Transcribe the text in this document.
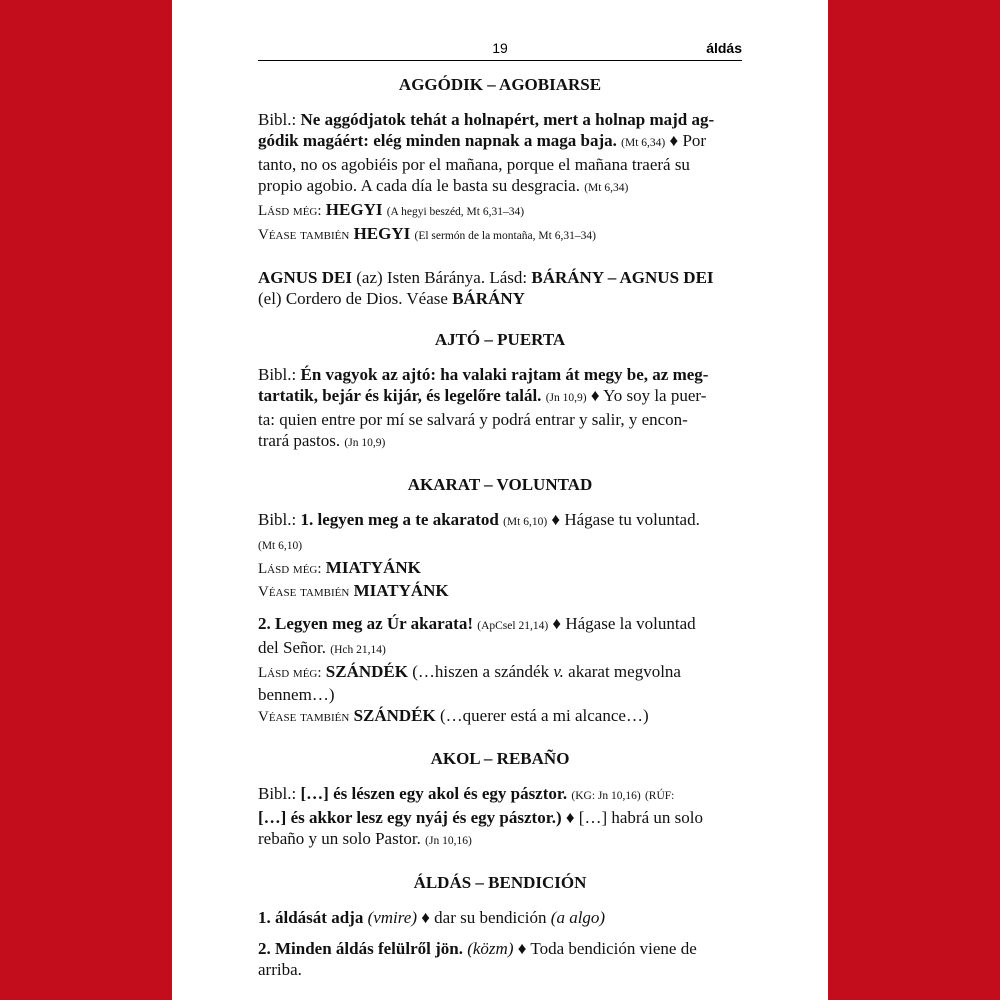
19	áldás

AGGÓDIK – AGOBIARSE

Bibl.: Ne aggódjatok tehát a holnapért, mert a holnap majd ag-
gódik magáért: elég minden napnak a maga baja. (Mt 6,34) ♦ Por
tanto, no os agobiéis por el mañana, porque el mañana traerá su
propio agobio. A cada día le basta su desgracia. (Mt 6,34)
Lásd még: HEGYI (A hegyi beszéd, Mt 6,31–34)
Véase también HEGYI (El sermón de la montaña, Mt 6,31–34)

AGNUS DEI (az) Isten Báránya. Lásd: BÁRÁNY – AGNUS DEI
(el) Cordero de Dios. Véase BÁRÁNY

AJTÓ – PUERTA

Bibl.: Én vagyok az ajtó: ha valaki rajtam át megy be, az meg-
tartatik, bejár és kijár, és legelőre talál. (Jn 10,9) ♦ Yo soy la puer-
ta: quien entre por mí se salvará y podrá entrar y salir, y encon-
trará pastos. (Jn 10,9)

AKARAT – VOLUNTAD

Bibl.: 1. legyen meg a te akaratod (Mt 6,10) ♦ Hágase tu voluntad.
(Mt 6,10)
Lásd még: MIATYÁNK
Véase también MIATYÁNK

2. Legyen meg az Úr akarata! (ApCsel 21,14) ♦ Hágase la voluntad
del Señor. (Hch 21,14)
Lásd még: SZÁNDÉK (…hiszen a szándék v. akarat megvolna
bennem…)
Véase también SZÁNDÉK (…querer está a mi alcance…)

AKOL – REBAÑO

Bibl.: […] és lészen egy akol és egy pásztor. (KG: Jn 10,16) (RÚF:
[…] és akkor lesz egy nyáj és egy pásztor.) ♦ […] habrá un solo
rebaño y un solo Pastor. (Jn 10,16)

ÁLDÁS – BENDICIÓN

1. áldását adja (vmire) ♦ dar su bendición (a algo)

2. Minden áldás felülről jön. (közm) ♦ Toda bendición viene de
arriba.
